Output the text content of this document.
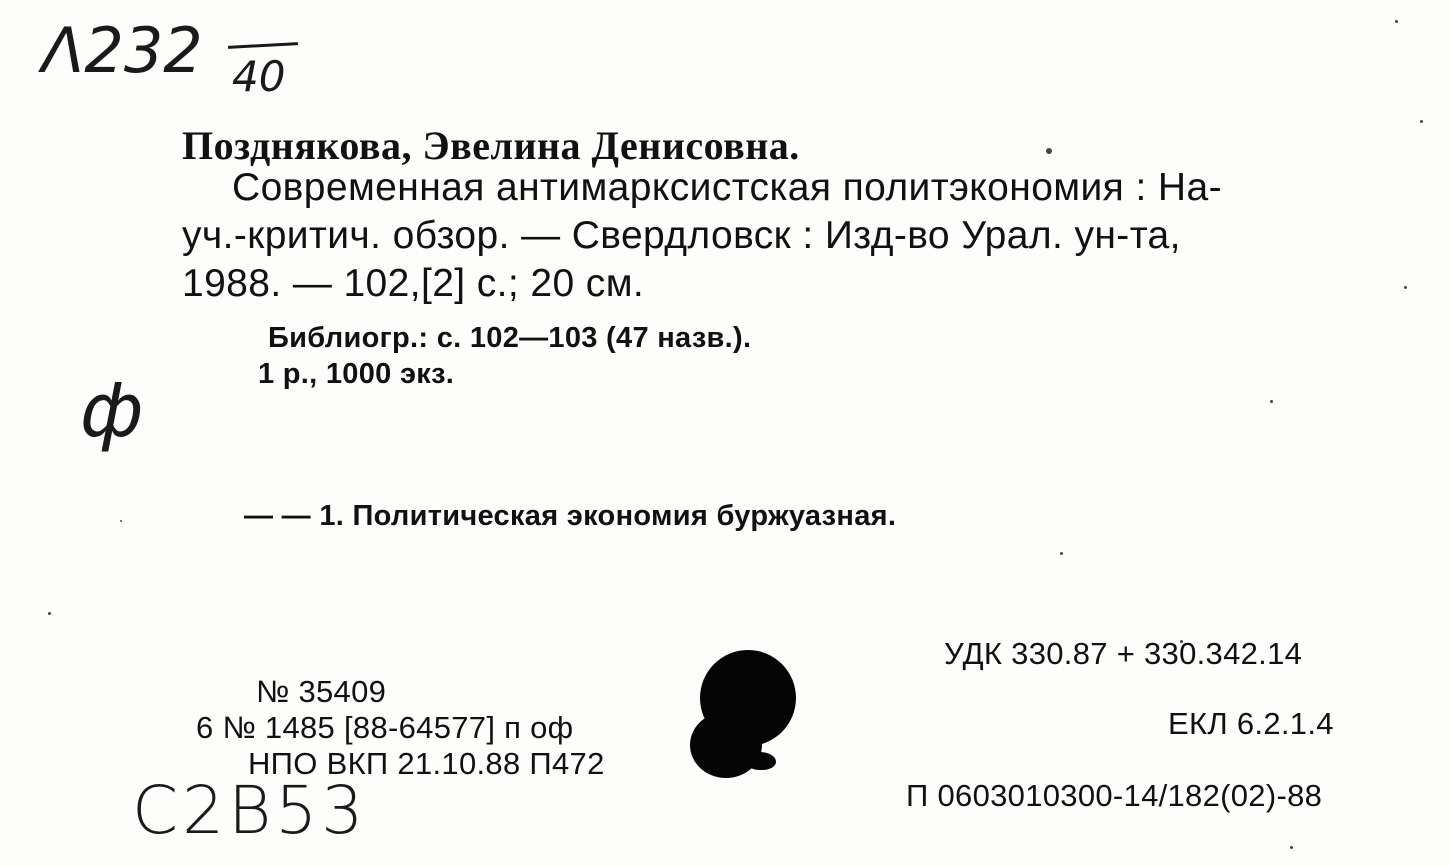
Λ232 40
ф
Позднякова, Эвелина Денисовна.
Современная антимарксистская политэкономия : На-
уч.-критич. обзор. — Свердловск : Изд-во Урал. ун-та,
1988. — 102,[2] с.; 20 см.
Библиогр.: с. 102—103 (47 назв.).
1 р., 1000 экз.
— — 1. Политическая экономия буржуазная.
№ 35409
6 № 1485 [88-64577] п оф
НПО ВКП 21.10.88 П472
C2B53
УДК 330.87 + 330.342.14
ЕКЛ 6.2.1.4
П 0603010300-14/182(02)-88
